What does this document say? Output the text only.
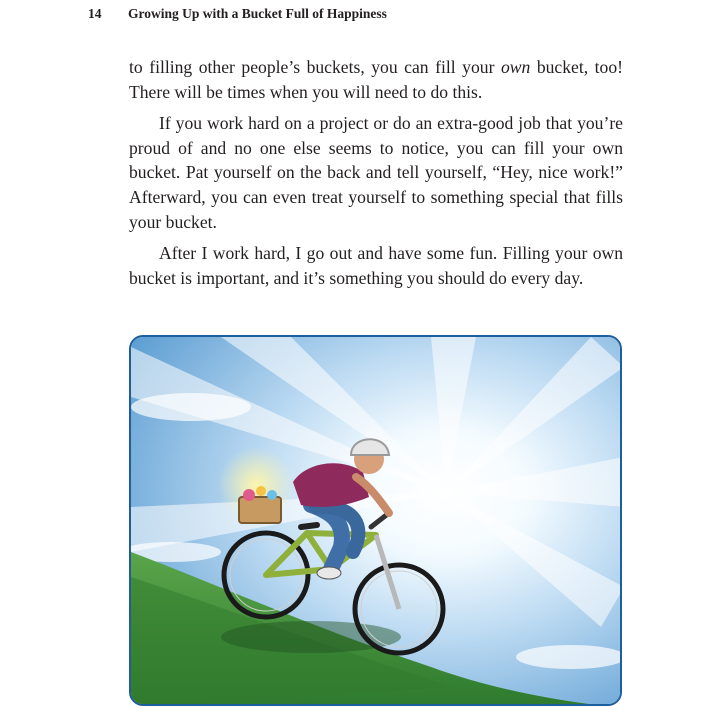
14 Growing Up with a Bucket Full of Happiness

to filling other people’s buckets, you can fill your own bucket, too! There will be times when you will need to do this.

If you work hard on a project or do an extra-good job that you’re proud of and no one else seems to notice, you can fill your own bucket. Pat yourself on the back and tell yourself, “Hey, nice work!” Afterward, you can even treat yourself to something special that fills your bucket.

After I work hard, I go out and have some fun. Filling your own bucket is important, and it’s something you should do every day.
